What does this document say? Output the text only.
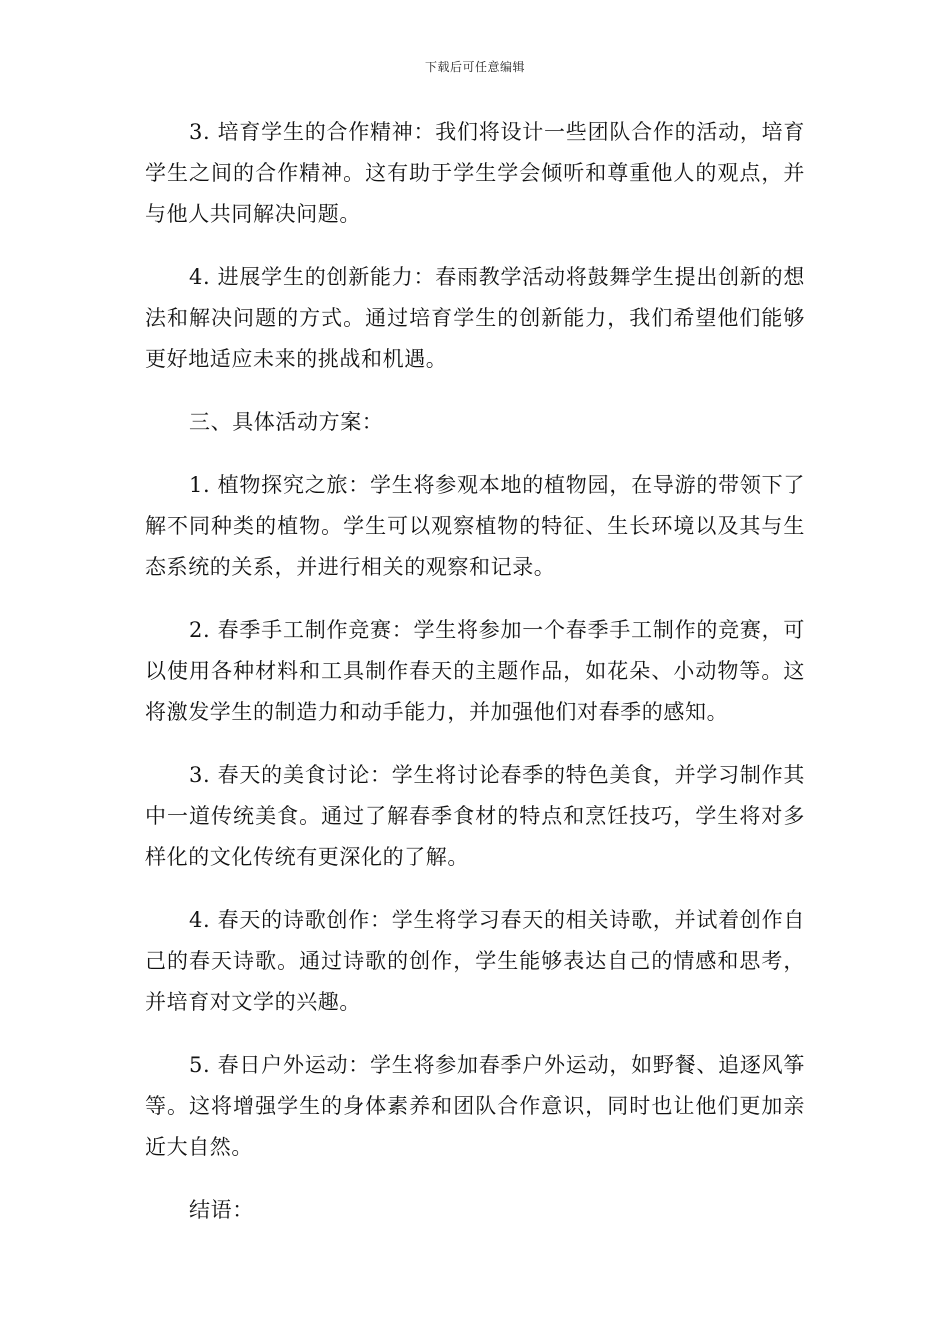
下载后可任意编辑

3. 培育学生的合作精神：我们将设计一些团队合作的活动，培育学生之间的合作精神。这有助于学生学会倾听和尊重他人的观点，并与他人共同解决问题。

4. 进展学生的创新能力：春雨教学活动将鼓舞学生提出创新的想法和解决问题的方式。通过培育学生的创新能力，我们希望他们能够更好地适应未来的挑战和机遇。

三、具体活动方案：

1. 植物探究之旅：学生将参观本地的植物园，在导游的带领下了解不同种类的植物。学生可以观察植物的特征、生长环境以及其与生态系统的关系，并进行相关的观察和记录。

2. 春季手工制作竞赛：学生将参加一个春季手工制作的竞赛，可以使用各种材料和工具制作春天的主题作品，如花朵、小动物等。这将激发学生的制造力和动手能力，并加强他们对春季的感知。

3. 春天的美食讨论：学生将讨论春季的特色美食，并学习制作其中一道传统美食。通过了解春季食材的特点和烹饪技巧，学生将对多样化的文化传统有更深化的了解。

4. 春天的诗歌创作：学生将学习春天的相关诗歌，并试着创作自己的春天诗歌。通过诗歌的创作，学生能够表达自己的情感和思考，并培育对文学的兴趣。

5. 春日户外运动：学生将参加春季户外运动，如野餐、追逐风筝等。这将增强学生的身体素养和团队合作意识，同时也让他们更加亲近大自然。

结语：
